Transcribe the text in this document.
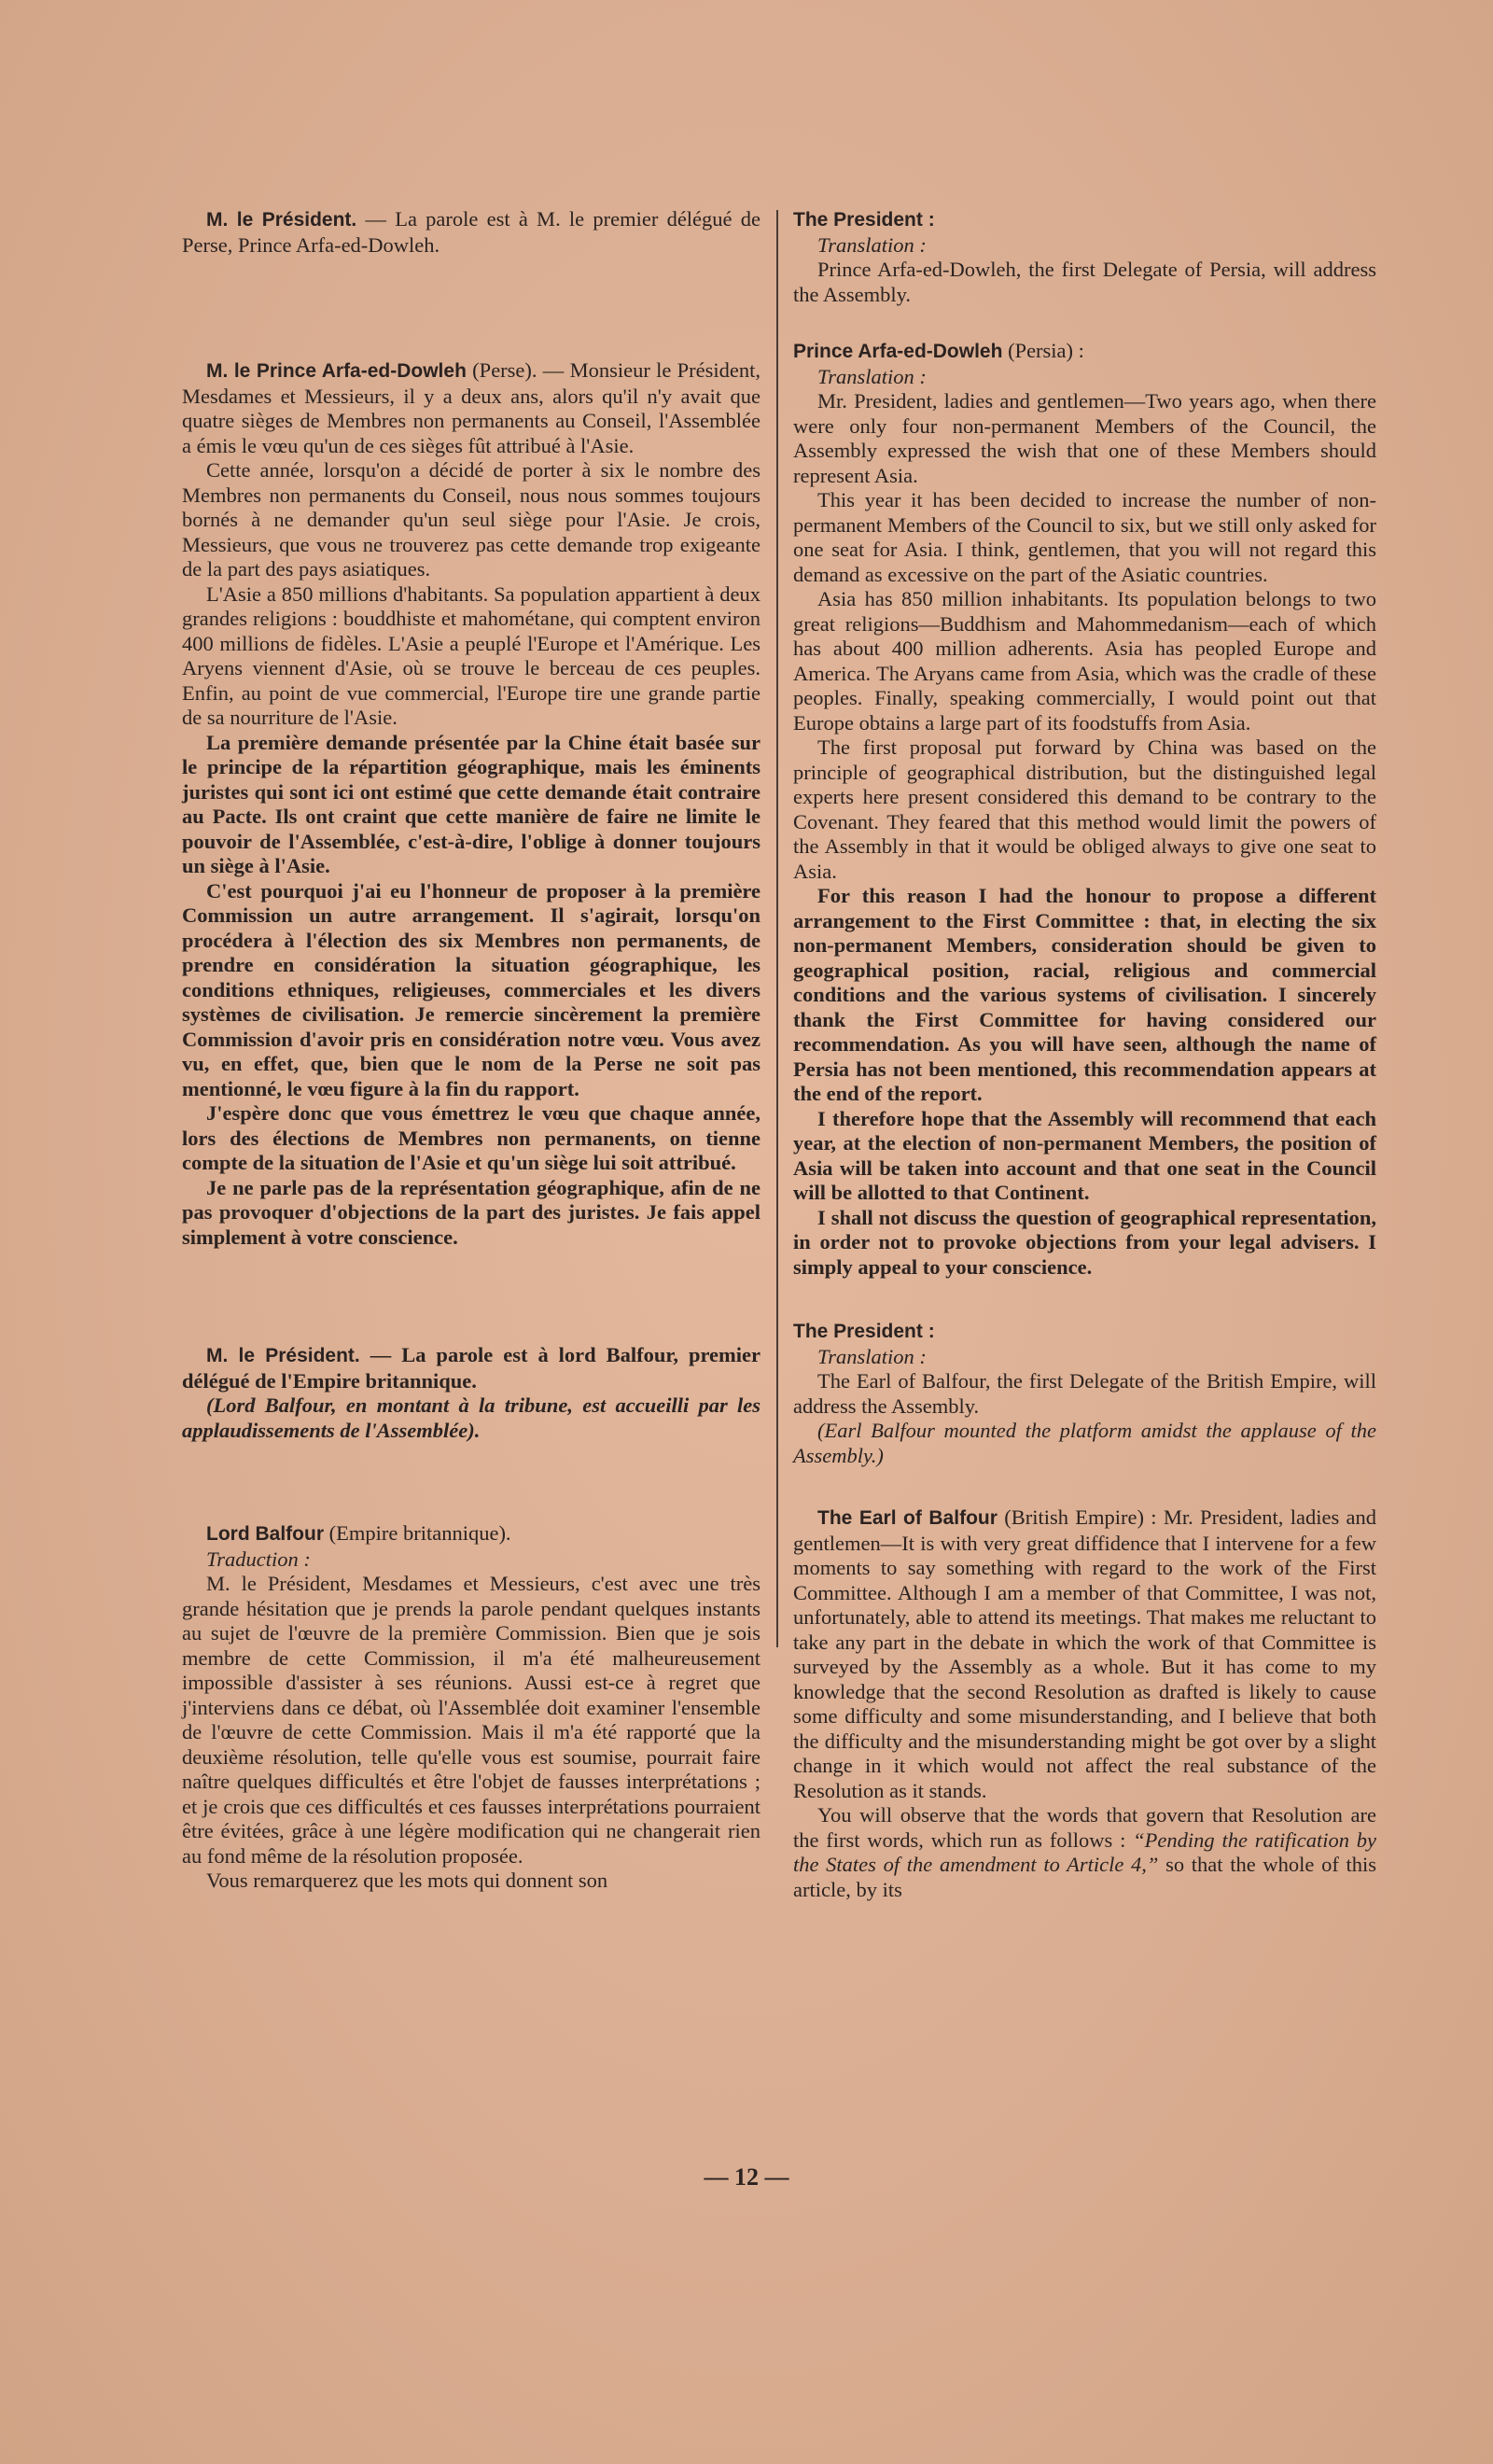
M. le Président. — La parole est à M. le premier délégué de Perse, Prince Arfa-ed-Dowleh.

M. le Prince Arfa-ed-Dowleh (Perse). — Monsieur le Président, Mesdames et Messieurs, il y a deux ans, alors qu'il n'y avait que quatre sièges de Membres non permanents au Conseil, l'Assemblée a émis le vœu qu'un de ces sièges fût attribué à l'Asie.

Cette année, lorsqu'on a décidé de porter à six le nombre des Membres non permanents du Conseil, nous nous sommes toujours bornés à ne demander qu'un seul siège pour l'Asie. Je crois, Messieurs, que vous ne trouverez pas cette demande trop exigeante de la part des pays asiatiques.

L'Asie a 850 millions d'habitants. Sa population appartient à deux grandes religions : bouddhiste et mahométane, qui comptent environ 400 millions de fidèles. L'Asie a peuplé l'Europe et l'Amérique. Les Aryens viennent d'Asie, où se trouve le berceau de ces peuples. Enfin, au point de vue commercial, l'Europe tire une grande partie de sa nourriture de l'Asie.

La première demande présentée par la Chine était basée sur le principe de la répartition géographique, mais les éminents juristes qui sont ici ont estimé que cette demande était contraire au Pacte. Ils ont craint que cette manière de faire ne limite le pouvoir de l'Assemblée, c'est-à-dire, l'oblige à donner toujours un siège à l'Asie.

C'est pourquoi j'ai eu l'honneur de proposer à la première Commission un autre arrangement. Il s'agirait, lorsqu'on procédera à l'élection des six Membres non permanents, de prendre en considération la situation géographique, les conditions ethniques, religieuses, commerciales et les divers systèmes de civilisation. Je remercie sincèrement la première Commission d'avoir pris en considération notre vœu. Vous avez vu, en effet, que, bien que le nom de la Perse ne soit pas mentionné, le vœu figure à la fin du rapport.

J'espère donc que vous émettrez le vœu que chaque année, lors des élections de Membres non permanents, on tienne compte de la situation de l'Asie et qu'un siège lui soit attribué.

Je ne parle pas de la représentation géographique, afin de ne pas provoquer d'objections de la part des juristes. Je fais appel simplement à votre conscience.

M. le Président. — La parole est à lord Balfour, premier délégué de l'Empire britannique.

(Lord Balfour, en montant à la tribune, est accueilli par les applaudissements de l'Assemblée).

Lord Balfour (Empire britannique).

Traduction :

M. le Président, Mesdames et Messieurs, c'est avec une très grande hésitation que je prends la parole pendant quelques instants au sujet de l'œuvre de la première Commission. Bien que je sois membre de cette Commission, il m'a été malheureusement impossible d'assister à ses réunions. Aussi est-ce à regret que j'interviens dans ce débat, où l'Assemblée doit examiner l'ensemble de l'œuvre de cette Commission. Mais il m'a été rapporté que la deuxième résolution, telle qu'elle vous est soumise, pourrait faire naître quelques difficultés et être l'objet de fausses interprétations ; et je crois que ces difficultés et ces fausses interprétations pourraient être évitées, grâce à une légère modification qui ne changerait rien au fond même de la résolution proposée.

Vous remarquerez que les mots qui donnent son

The President :

Translation :

Prince Arfa-ed-Dowleh, the first Delegate of Persia, will address the Assembly.

Prince Arfa-ed-Dowleh (Persia) :

Translation :

Mr. President, ladies and gentlemen—Two years ago, when there were only four non-permanent Members of the Council, the Assembly expressed the wish that one of these Members should represent Asia.

This year it has been decided to increase the number of non-permanent Members of the Council to six, but we still only asked for one seat for Asia. I think, gentlemen, that you will not regard this demand as excessive on the part of the Asiatic countries.

Asia has 850 million inhabitants. Its population belongs to two great religions—Buddhism and Mahommedanism—each of which has about 400 million adherents. Asia has peopled Europe and America. The Aryans came from Asia, which was the cradle of these peoples. Finally, speaking commercially, I would point out that Europe obtains a large part of its foodstuffs from Asia.

The first proposal put forward by China was based on the principle of geographical distribution, but the distinguished legal experts here present considered this demand to be contrary to the Covenant. They feared that this method would limit the powers of the Assembly in that it would be obliged always to give one seat to Asia.

For this reason I had the honour to propose a different arrangement to the First Committee : that, in electing the six non-permanent Members, consideration should be given to geographical position, racial, religious and commercial conditions and the various systems of civilisation. I sincerely thank the First Committee for having considered our recommendation. As you will have seen, although the name of Persia has not been mentioned, this recommendation appears at the end of the report.

I therefore hope that the Assembly will recommend that each year, at the election of non-permanent Members, the position of Asia will be taken into account and that one seat in the Council will be allotted to that Continent.

I shall not discuss the question of geographical representation, in order not to provoke objections from your legal advisers. I simply appeal to your conscience.

The President :

Translation :

The Earl of Balfour, the first Delegate of the British Empire, will address the Assembly.

(Earl Balfour mounted the platform amidst the applause of the Assembly.)

The Earl of Balfour (British Empire) : Mr. President, ladies and gentlemen—It is with very great diffidence that I intervene for a few moments to say something with regard to the work of the First Committee. Although I am a member of that Committee, I was not, unfortunately, able to attend its meetings. That makes me reluctant to take any part in the debate in which the work of that Committee is surveyed by the Assembly as a whole. But it has come to my knowledge that the second Resolution as drafted is likely to cause some difficulty and some misunderstanding, and I believe that both the difficulty and the misunderstanding might be got over by a slight change in it which would not affect the real substance of the Resolution as it stands.

You will observe that the words that govern that Resolution are the first words, which run as follows : “Pending the ratification by the States of the amendment to Article 4,” so that the whole of this article, by its

— 12 —
